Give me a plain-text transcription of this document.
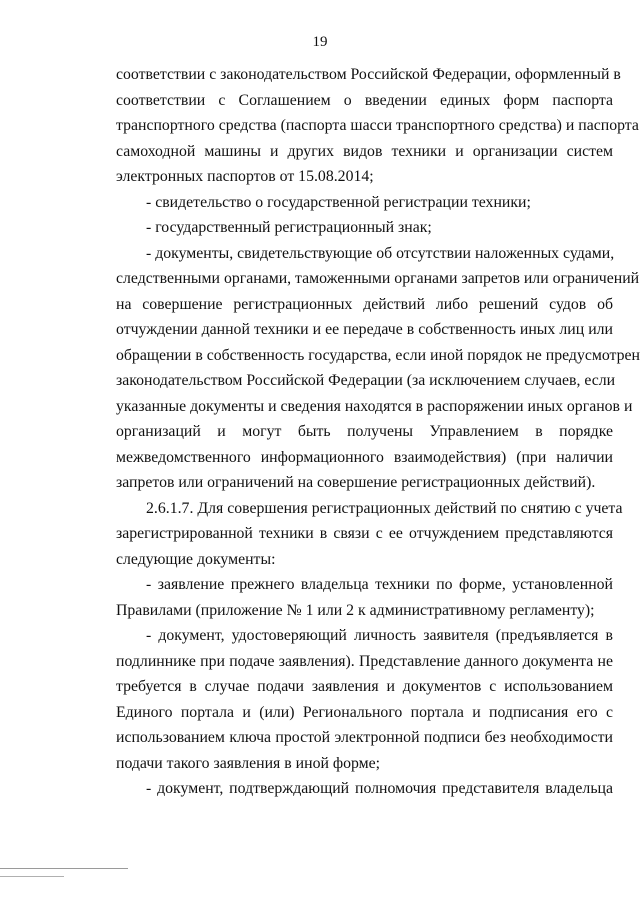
19
соответствии с законодательством Российской Федерации, оформленный в
соответствии с Соглашением о введении единых форм паспорта
транспортного средства (паспорта шасси транспортного средства) и паспорта
самоходной машины и других видов техники и организации систем
электронных паспортов от 15.08.2014;
- свидетельство о государственной регистрации техники;
- государственный регистрационный знак;
- документы, свидетельствующие об отсутствии наложенных судами,
следственными органами, таможенными органами запретов или ограничений
на совершение регистрационных действий либо решений судов об
отчуждении данной техники и ее передаче в собственность иных лиц или
обращении в собственность государства, если иной порядок не предусмотрен
законодательством Российской Федерации (за исключением случаев, если
указанные документы и сведения находятся в распоряжении иных органов и
организаций и могут быть получены Управлением в порядке
межведомственного информационного взаимодействия) (при наличии
запретов или ограничений на совершение регистрационных действий).
2.6.1.7. Для совершения регистрационных действий по снятию с учета
зарегистрированной техники в связи с ее отчуждением представляются
следующие документы:
- заявление прежнего владельца техники по форме, установленной
Правилами (приложение № 1 или 2 к административному регламенту);
- документ, удостоверяющий личность заявителя (предъявляется в
подлиннике при подаче заявления). Представление данного документа не
требуется в случае подачи заявления и документов с использованием
Единого портала и (или) Регионального портала и подписания его с
использованием ключа простой электронной подписи без необходимости
подачи такого заявления в иной форме;
- документ, подтверждающий полномочия представителя владельца
